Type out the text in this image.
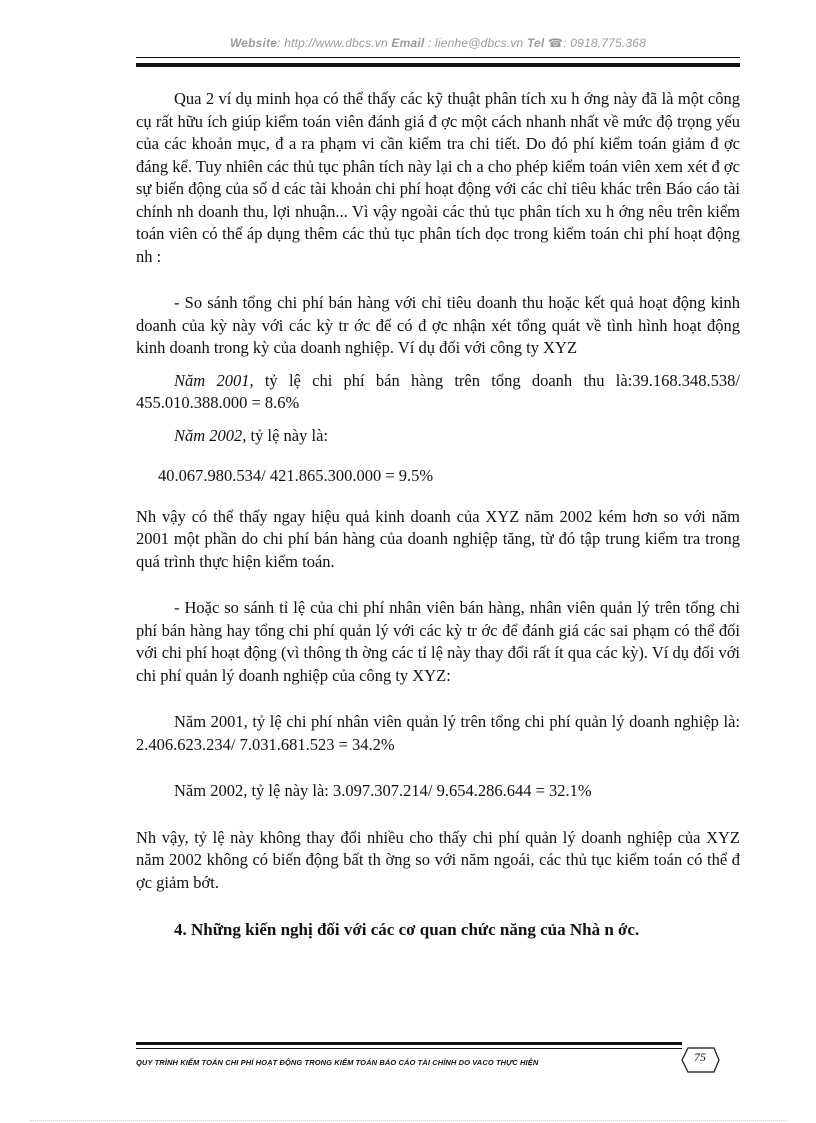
Website: http://www.dbcs.vn Email : lienhe@dbcs.vn Tel ☎: 0918.775.368

Qua 2 ví dụ minh họa có thể thấy các kỹ thuật phân tích xu h ớng này đã là một công cụ rất hữu ích giúp kiểm toán viên đánh giá đ ợc một cách nhanh nhất về mức độ trọng yếu của các khoản mục, đ a ra phạm vi cần kiểm tra chi tiết. Do đó phí kiểm toán giảm đ ợc đáng kể. Tuy nhiên các thủ tục phân tích này lại ch a cho phép kiểm toán viên xem xét đ ợc sự biến động của số d các tài khoản chi phí hoạt động với các chỉ tiêu khác trên Báo cáo tài chính nh doanh thu, lợi nhuận... Vì vậy ngoài các thủ tục phân tích xu h ớng nêu trên kiểm toán viên có thể áp dụng thêm các thủ tục phân tích dọc trong kiểm toán chi phí hoạt động nh :

- So sánh tổng chi phí bán hàng với chỉ tiêu doanh thu hoặc kết quả hoạt động kinh doanh của kỳ này với các kỳ tr ớc để có đ ợc nhận xét tổng quát về tình hình hoạt động kinh doanh trong kỳ của doanh nghiệp. Ví dụ đối với công ty XYZ

Năm 2001, tỷ lệ chi phí bán hàng trên tổng doanh thu là:39.168.348.538/ 455.010.388.000 = 8.6%

Năm 2002, tỷ lệ này là:

40.067.980.534/ 421.865.300.000 = 9.5%

Nh vậy có thể thấy ngay hiệu quả kinh doanh của XYZ năm 2002 kém hơn so với năm 2001 một phần do chi phí bán hàng của doanh nghiệp tăng, từ đó tập trung kiểm tra trong quá trình thực hiện kiểm toán.

- Hoặc so sánh tỉ lệ của chi phí nhân viên bán hàng, nhân viên quản lý trên tổng chi phí bán hàng hay tổng chi phí quản lý với các kỳ tr ớc để đánh giá các sai phạm có thể đối với chi phí hoạt động (vì thông th ờng các tỉ lệ này thay đổi rất ít qua các kỳ). Ví dụ đối với chi phí quản lý doanh nghiệp của công ty XYZ:

Năm 2001, tỷ lệ chi phí nhân viên quản lý trên tổng chi phí quản lý doanh nghiệp là: 2.406.623.234/ 7.031.681.523 = 34.2%

Năm 2002, tỷ lệ này là: 3.097.307.214/ 9.654.286.644 = 32.1%

Nh vậy, tỷ lệ này không thay đổi nhiều cho thấy chi phí quản lý doanh nghiệp của XYZ năm 2002 không có biến động bất th ờng so với năm ngoái, các thủ tục kiểm toán có thể đ ợc giảm bớt.

4. Những kiến nghị đối với các cơ quan chức năng của Nhà n ớc.

QUY TRÌNH KIỂM TOÁN CHI PHÍ HOẠT ĐỘNG TRONG KIỂM TOÁN BÁO CÁO TÀI CHÍNH DO VACO THỰC HIỆN	75
